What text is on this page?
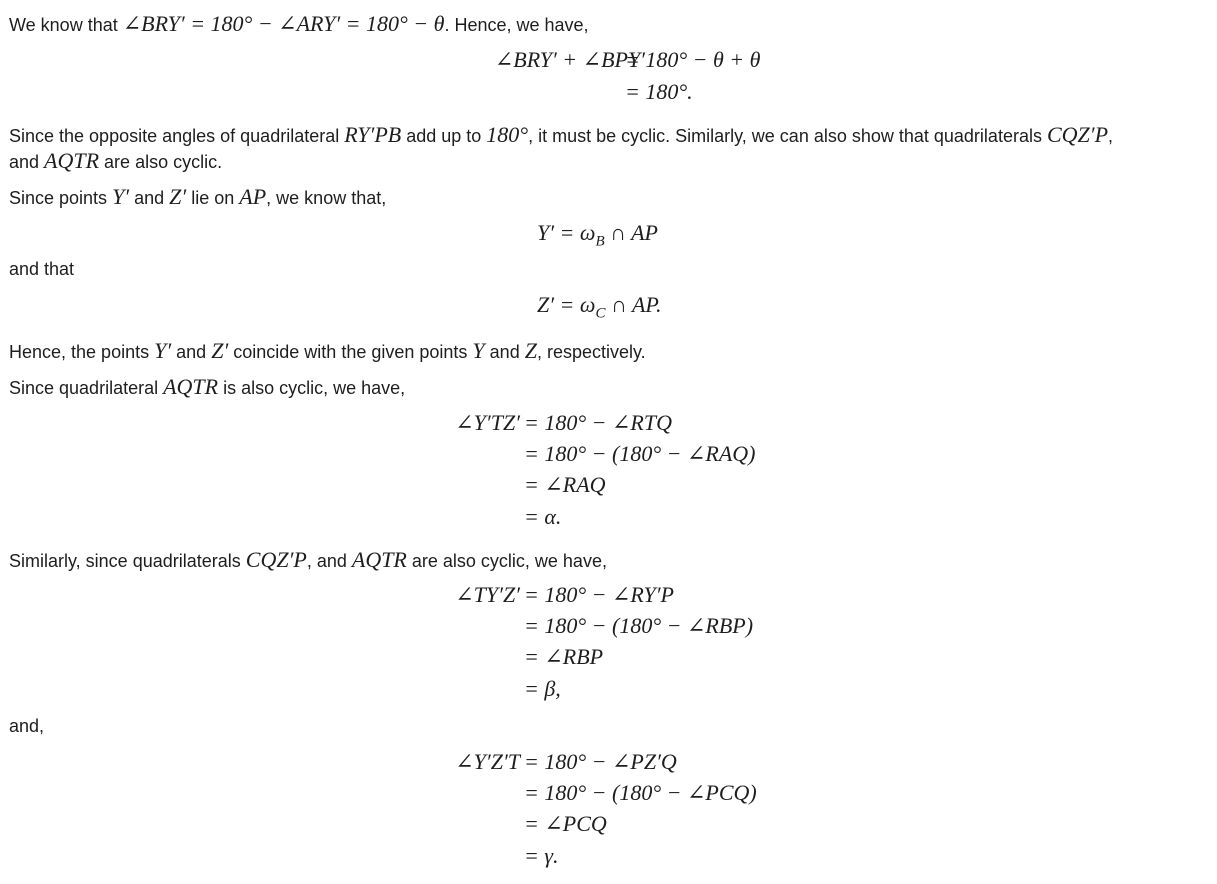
We know that ∠BRY′ = 180° − ∠ARY′ = 180° − θ. Hence, we have,
∠BRY′ + ∠BPY′
= 180° − θ + θ
= 180°.
Since the opposite angles of quadrilateral RY′PB add up to 180°, it must be cyclic. Similarly, we can also show that quadrilaterals CQZ′P,
and AQTR are also cyclic.
Since points Y′ and Z′ lie on AP, we know that,
$Y' = \omega_B$ ∩ AP
and that
$Z' = \omega_C$ ∩ AP.
Hence, the points Y′ and Z′ coincide with the given points Y and Z, respectively.
Since quadrilateral AQTR is also cyclic, we have,
∠Y′TZ′ = 180° − ∠RTQ
= 180° − (180° − ∠RAQ)
= ∠RAQ
= α.
Similarly, since quadrilaterals CQZ′P, and AQTR are also cyclic, we have,
∠TY′Z′ = 180° − ∠RY′P
= 180° − (180° − ∠RBP)
= ∠RBP
= β,
and,
∠Y′Z′T = 180° − ∠PZ′Q
= 180° − (180° − ∠PCQ)
= ∠PCQ
= γ.
